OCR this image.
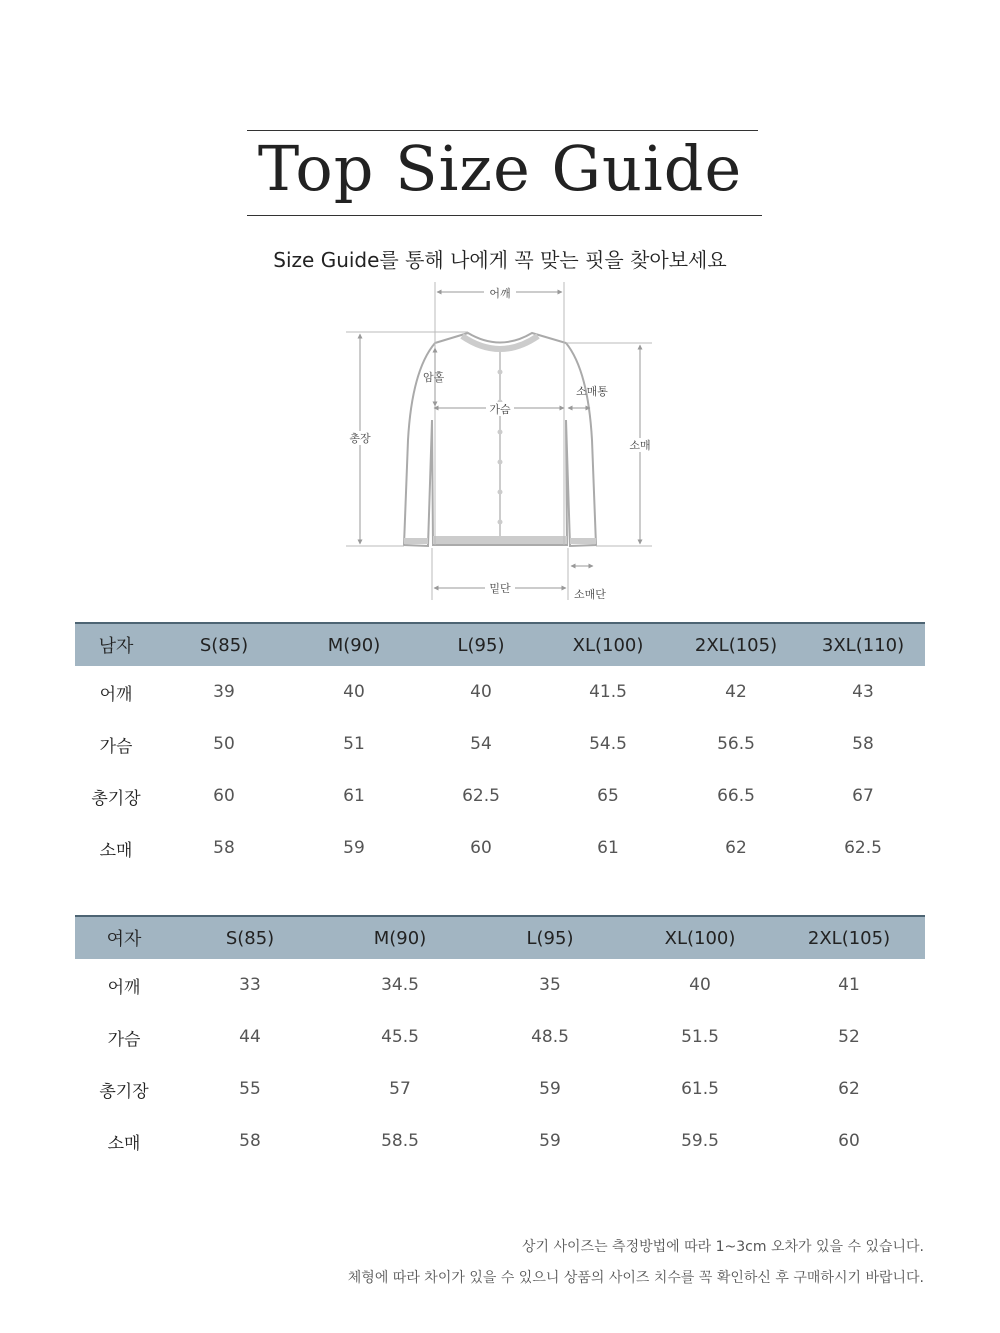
Top Size Guide
Size Guide를 통해 나에게 꼭 맞는 핏을 찾아보세요
어깨
암홀
가슴
소매통
총장
소매
밑단	소매단
남자	S(85)	M(90)	L(95)	XL(100)	2XL(105)	3XL(110)
어깨	39	40	40	41.5	42	43
가슴	50	51	54	54.5	56.5	58
총기장	60	61	62.5	65	66.5	67
소매	58	59	60	61	62	62.5
여자	S(85)	M(90)	L(95)	XL(100)	2XL(105)
어깨	33	34.5	35	40	41
가슴	44	45.5	48.5	51.5	52
총기장	55	57	59	61.5	62
소매	58	58.5	59	59.5	60
상기 사이즈는 측정방법에 따라 1~3cm 오차가 있을 수 있습니다.
체형에 따라 차이가 있을 수 있으니 상품의 사이즈 치수를 꼭 확인하신 후 구매하시기 바랍니다.
